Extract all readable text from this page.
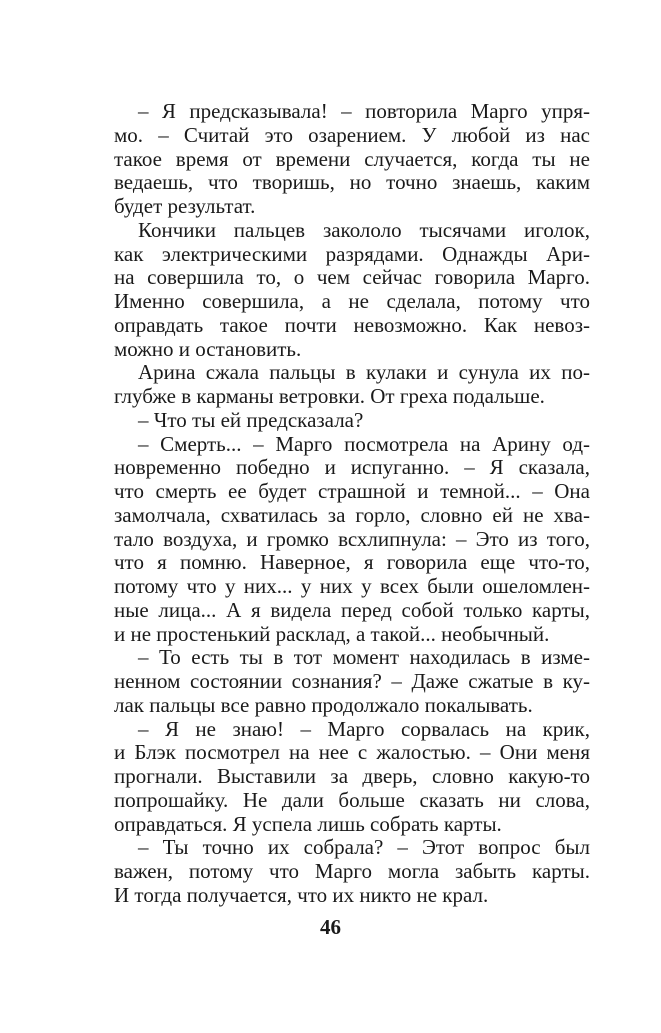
– Я предсказывала! – повторила Марго упря-
мо. – Считай это озарением. У любой из нас
такое время от времени случается, когда ты не
ведаешь, что творишь, но точно знаешь, каким
будет результат.
Кончики пальцев закололо тысячами иголок,
как электрическими разрядами. Однажды Ари-
на совершила то, о чем сейчас говорила Марго.
Именно совершила, а не сделала, потому что
оправдать такое почти невозможно. Как невоз-
можно и остановить.
Арина сжала пальцы в кулаки и сунула их по-
глубже в карманы ветровки. От греха подальше.
– Что ты ей предсказала?
– Смерть... – Марго посмотрела на Арину од-
новременно победно и испуганно. – Я сказала,
что смерть ее будет страшной и темной... – Она
замолчала, схватилась за горло, словно ей не хва-
тало воздуха, и громко всхлипнула: – Это из того,
что я помню. Наверное, я говорила еще что-то,
потому что у них... у них у всех были ошеломлен-
ные лица... А я видела перед собой только карты,
и не простенький расклад, а такой... необычный.
– То есть ты в тот момент находилась в изме-
ненном состоянии сознания? – Даже сжатые в ку-
лак пальцы все равно продолжало покалывать.
– Я не знаю! – Марго сорвалась на крик,
и Блэк посмотрел на нее с жалостью. – Они меня
прогнали. Выставили за дверь, словно какую-то
попрошайку. Не дали больше сказать ни слова,
оправдаться. Я успела лишь собрать карты.
– Ты точно их собрала? – Этот вопрос был
важен, потому что Марго могла забыть карты.
И тогда получается, что их никто не крал.
46
